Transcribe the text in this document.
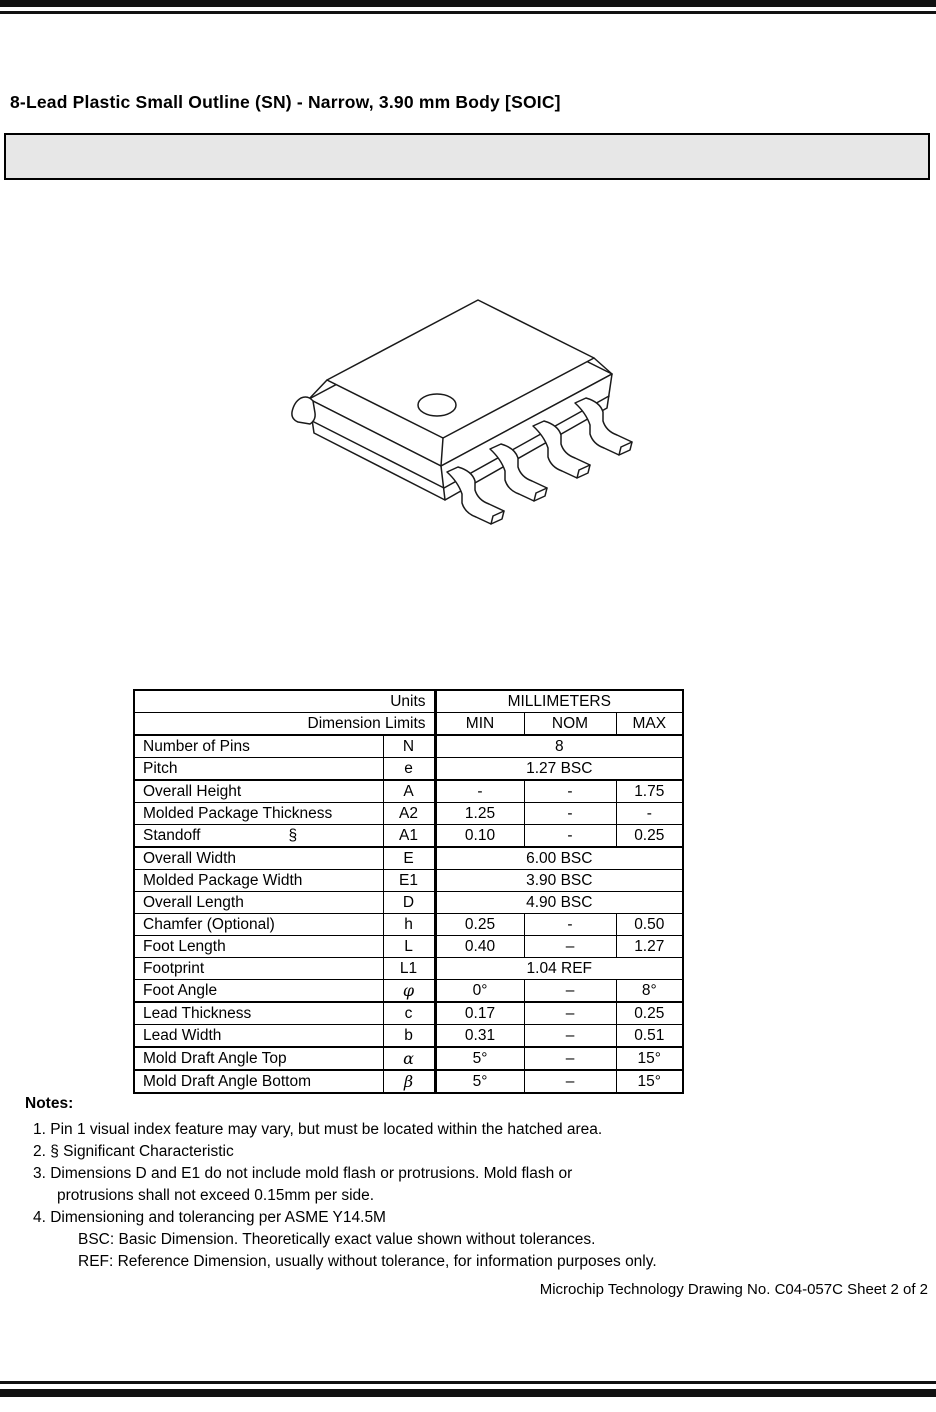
8-Lead Plastic Small Outline (SN) - Narrow, 3.90 mm Body [SOIC]
Units		MILLIMETERS		
Dimension Limits		MIN	NOM	MAX
Number of Pins	N	8		
Pitch	e	1.27 BSC		
Overall Height	A	-	-	1.75
Molded Package Thickness	A2	1.25	-	-
Standoff §	A1	0.10	-	0.25
Overall Width	E	6.00 BSC		
Molded Package Width	E1	3.90 BSC		
Overall Length	D	4.90 BSC		
Chamfer (Optional)	h	0.25	-	0.50
Foot Length	L	0.40	–	1.27
Footprint	L1	1.04 REF		
Foot Angle	φ	0°	–	8°
Lead Thickness	c	0.17	–	0.25
Lead Width	b	0.31	–	0.51
Mold Draft Angle Top	α	5°	–	15°
Mold Draft Angle Bottom	β	5°	–	15°
Notes:
1. Pin 1 visual index feature may vary, but must be located within the hatched area.
2. § Significant Characteristic
3. Dimensions D and E1 do not include mold flash or protrusions. Mold flash or
protrusions shall not exceed 0.15mm per side.
4. Dimensioning and tolerancing per ASME Y14.5M
BSC: Basic Dimension. Theoretically exact value shown without tolerances.
REF: Reference Dimension, usually without tolerance, for information purposes only.
Microchip Technology Drawing No. C04-057C Sheet 2 of 2
